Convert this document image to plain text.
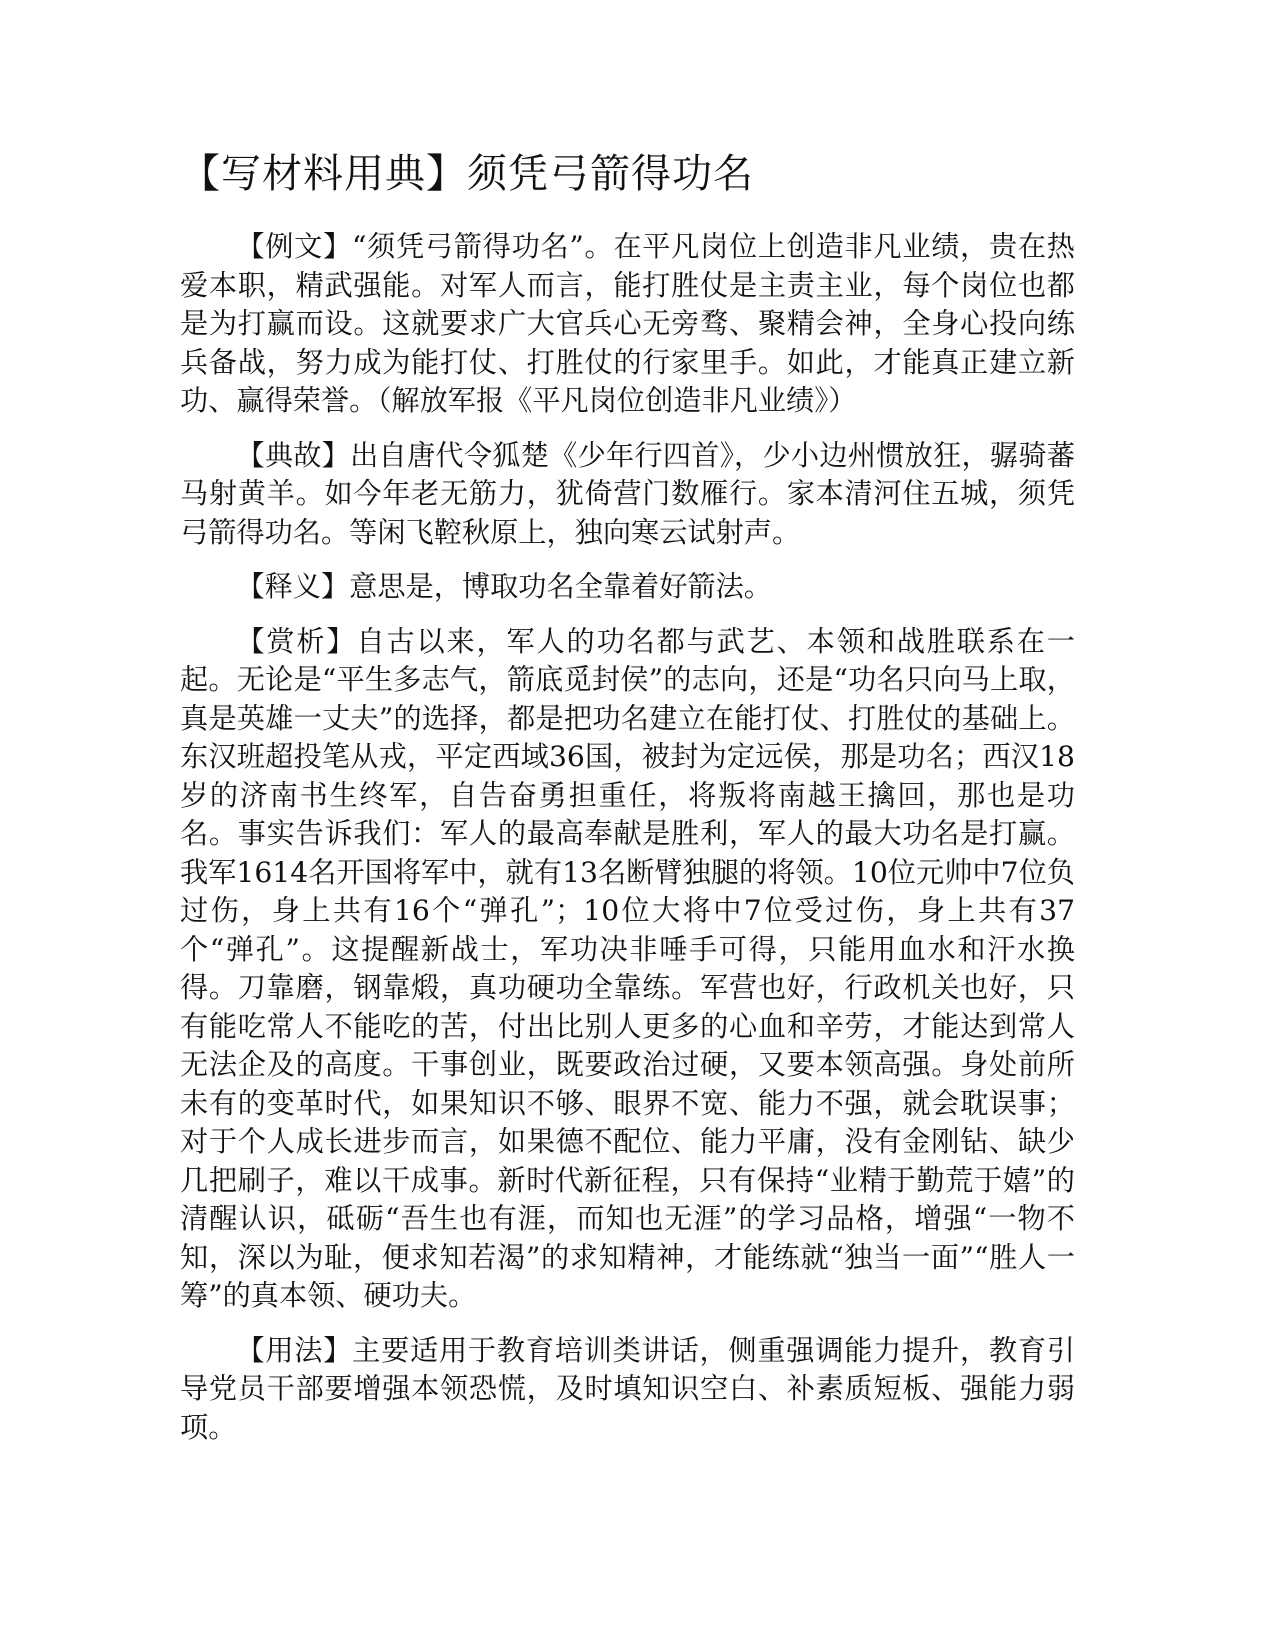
【写材料用典】须凭弓箭得功名

【例文】“须凭弓箭得功名”。在平凡岗位上创造非凡业绩，贵在热爱本职，精武强能。对军人而言，能打胜仗是主责主业，每个岗位也都是为打赢而设。这就要求广大官兵心无旁骛、聚精会神，全身心投向练兵备战，努力成为能打仗、打胜仗的行家里手。如此，才能真正建立新功、赢得荣誉。（解放军报《平凡岗位创造非凡业绩》）

【典故】出自唐代令狐楚《少年行四首》，少小边州惯放狂，骣骑蕃马射黄羊。如今年老无筋力，犹倚营门数雁行。家本清河住五城，须凭弓箭得功名。等闲飞鞚秋原上，独向寒云试射声。

【释义】意思是，博取功名全靠着好箭法。

【赏析】自古以来，军人的功名都与武艺、本领和战胜联系在一起。无论是“平生多志气，箭底觅封侯”的志向，还是“功名只向马上取，真是英雄一丈夫”的选择，都是把功名建立在能打仗、打胜仗的基础上。东汉班超投笔从戎，平定西域36国，被封为定远侯，那是功名；西汉18岁的济南书生终军，自告奋勇担重任，将叛将南越王擒回，那也是功名。事实告诉我们：军人的最高奉献是胜利，军人的最大功名是打赢。我军1614名开国将军中，就有13名断臂独腿的将领。10位元帅中7位负过伤，身上共有16个“弹孔”；10位大将中7位受过伤，身上共有37个“弹孔”。这提醒新战士，军功决非唾手可得，只能用血水和汗水换得。刀靠磨，钢靠煅，真功硬功全靠练。军营也好，行政机关也好，只有能吃常人不能吃的苦，付出比别人更多的心血和辛劳，才能达到常人无法企及的高度。干事创业，既要政治过硬，又要本领高强。身处前所未有的变革时代，如果知识不够、眼界不宽、能力不强，就会耽误事；对于个人成长进步而言，如果德不配位、能力平庸，没有金刚钻、缺少几把刷子，难以干成事。新时代新征程，只有保持“业精于勤荒于嬉”的清醒认识，砥砺“吾生也有涯，而知也无涯”的学习品格，增强“一物不知，深以为耻，便求知若渴”的求知精神，才能练就“独当一面”“胜人一筹”的真本领、硬功夫。

【用法】主要适用于教育培训类讲话，侧重强调能力提升，教育引导党员干部要增强本领恐慌，及时填知识空白、补素质短板、强能力弱项。
